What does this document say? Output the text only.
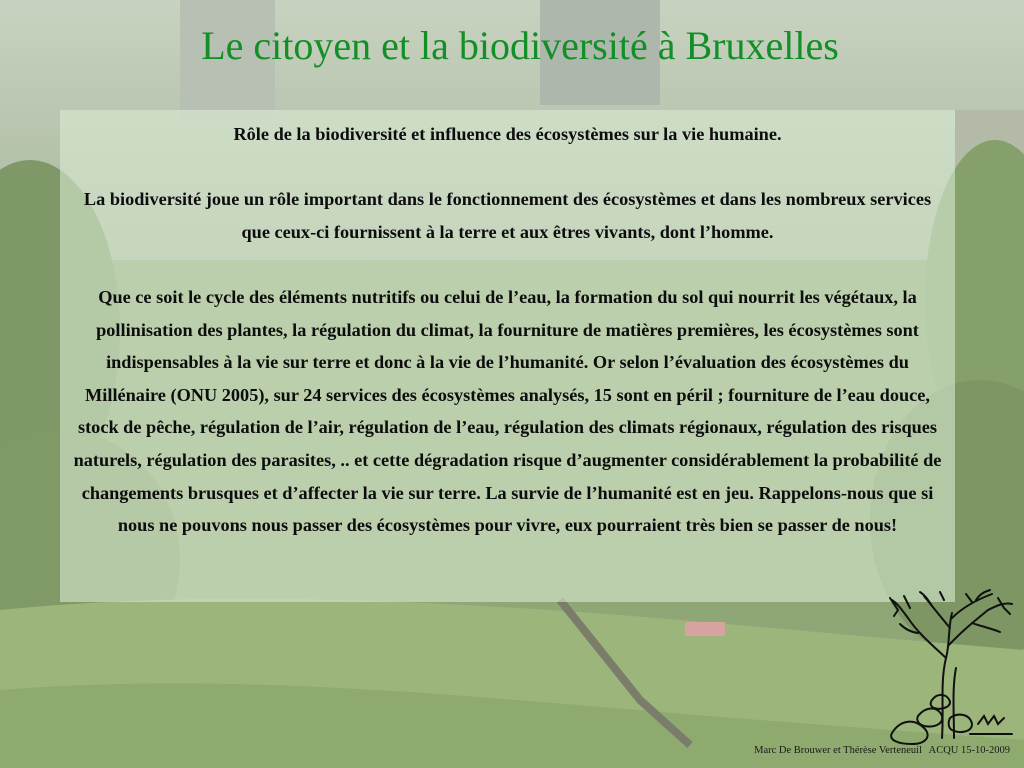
Le citoyen et la biodiversité à Bruxelles

Rôle de la biodiversité et influence des écosystèmes sur la vie humaine.

La biodiversité joue un rôle important dans le fonctionnement des écosystèmes et dans les nombreux services que ceux-ci fournissent à la terre et aux êtres vivants, dont l’homme.

Que ce soit le cycle des éléments nutritifs ou celui de l’eau, la formation du sol qui nourrit les végétaux, la pollinisation des plantes, la régulation du climat, la fourniture de matières premières, les écosystèmes sont indispensables à la vie sur terre et donc à la vie de l’humanité. Or selon l’évaluation des écosystèmes du Millénaire (ONU 2005), sur 24 services des écosystèmes analysés, 15 sont en péril ; fourniture de l’eau douce, stock de pêche, régulation de l’air, régulation de l’eau, régulation des climats régionaux, régulation des risques naturels, régulation des parasites, .. et cette dégradation risque d’augmenter considérablement la probabilité de changements brusques et d’affecter la vie sur terre. La survie de l’humanité est en jeu. Rappelons-nous que si nous ne pouvons nous passer des écosystèmes pour vivre, eux pourraient très bien se passer de nous!

Marc De Brouwer et Thérèse Verteneuil ACQU 15-10-2009
